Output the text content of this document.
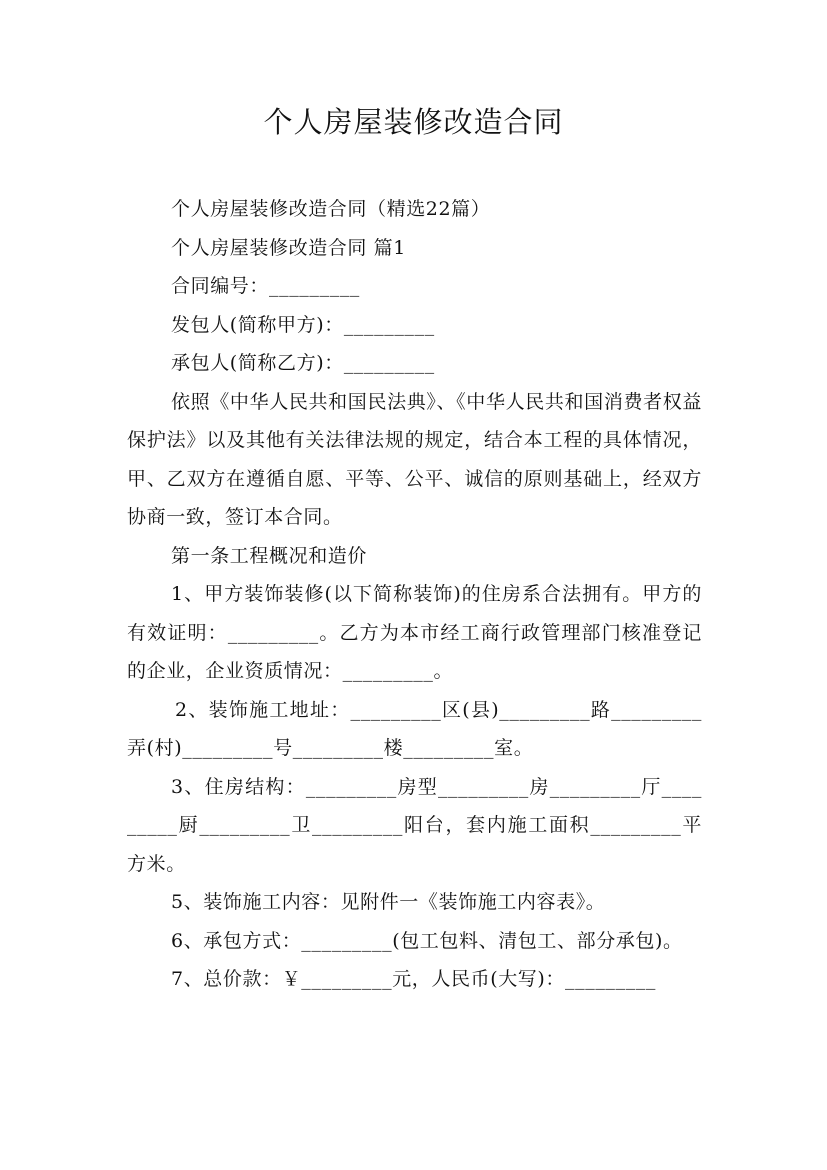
个人房屋装修改造合同

个人房屋装修改造合同（精选22篇）

个人房屋装修改造合同 篇1

合同编号：_________

发包人(简称甲方)：_________

承包人(简称乙方)：_________

依照《中华人民共和国民法典》、《中华人民共和国消费者权益保护法》以及其他有关法律法规的规定，结合本工程的具体情况，甲、乙双方在遵循自愿、平等、公平、诚信的原则基础上，经双方协商一致，签订本合同。

第一条工程概况和造价

1、甲方装饰装修(以下简称装饰)的住房系合法拥有。甲方的有效证明：_________。乙方为本市经工商行政管理部门核准登记的企业，企业资质情况：_________。

2、装饰施工地址：_________区(县)_________路_________弄(村)_________号_________楼_________室。

3、住房结构：_________房型_________房_________厅_________厨_________卫_________阳台，套内施工面积_________平方米。

5、装饰施工内容：见附件一《装饰施工内容表》。

6、承包方式：_________(包工包料、清包工、部分承包)。

7、总价款：￥_________元，人民币(大写)：_________
